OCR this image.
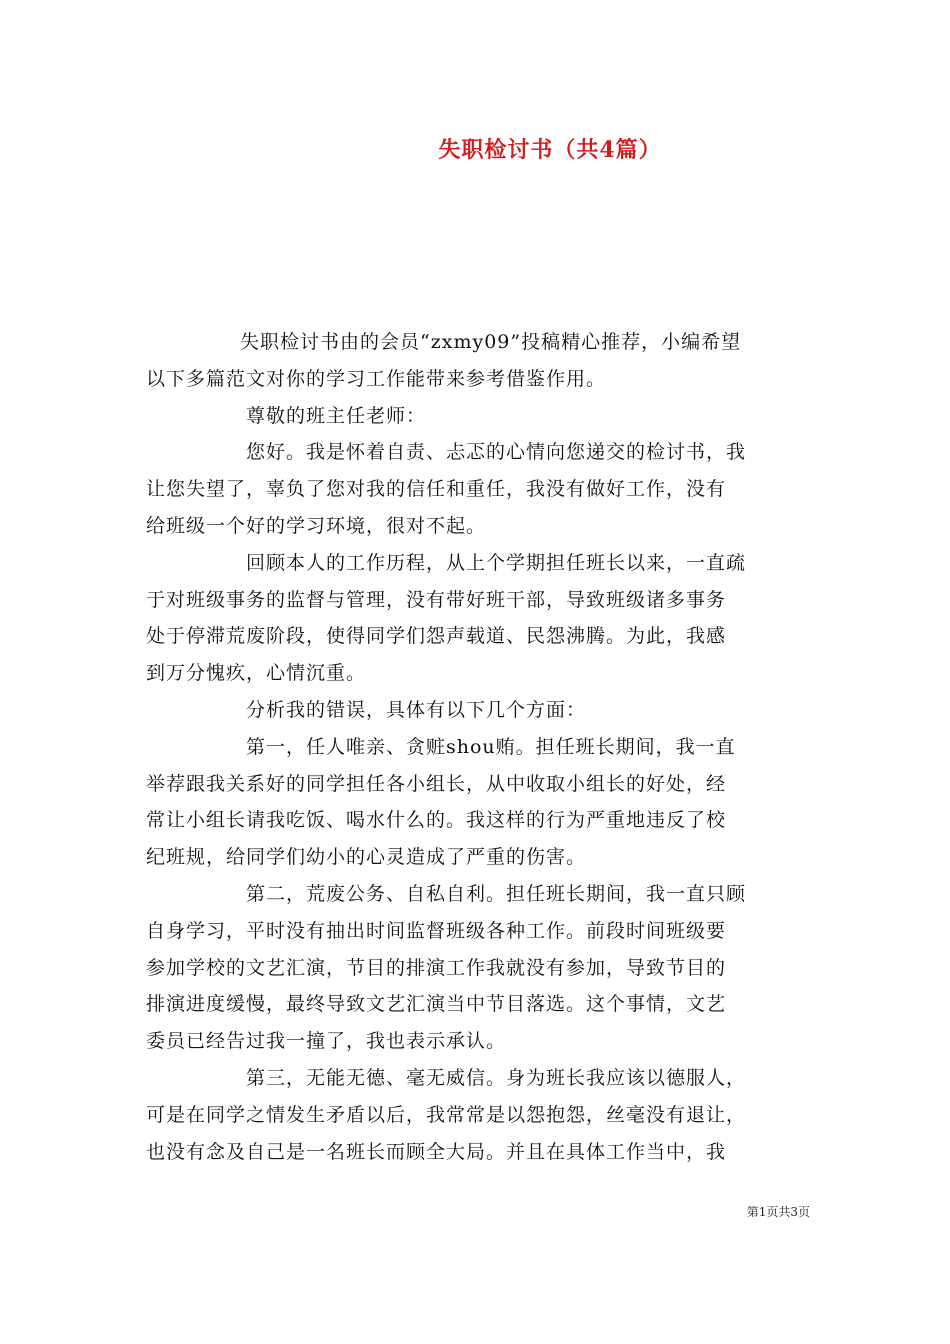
失职检讨书（共4篇）
失职检讨书由的会员“zxmy09”投稿精心推荐，小编希望
以下多篇范文对你的学习工作能带来参考借鉴作用。
尊敬的班主任老师：
您好。我是怀着自责、忐忑的心情向您递交的检讨书，我
让您失望了，辜负了您对我的信任和重任，我没有做好工作，没有
给班级一个好的学习环境，很对不起。
回顾本人的工作历程，从上个学期担任班长以来，一直疏
于对班级事务的监督与管理，没有带好班干部，导致班级诸多事务
处于停滞荒废阶段，使得同学们怨声载道、民怨沸腾。为此，我感
到万分愧疚，心情沉重。
分析我的错误，具体有以下几个方面：
第一，任人唯亲、贪赃shou贿。担任班长期间，我一直
举荐跟我关系好的同学担任各小组长，从中收取小组长的好处，经
常让小组长请我吃饭、喝水什么的。我这样的行为严重地违反了校
纪班规，给同学们幼小的心灵造成了严重的伤害。
第二，荒废公务、自私自利。担任班长期间，我一直只顾
自身学习，平时没有抽出时间监督班级各种工作。前段时间班级要
参加学校的文艺汇演，节目的排演工作我就没有参加，导致节目的
排演进度缓慢，最终导致文艺汇演当中节目落选。这个事情，文艺
委员已经告过我一撞了，我也表示承认。
第三，无能无德、毫无威信。身为班长我应该以德服人，
可是在同学之情发生矛盾以后，我常常是以怨抱怨，丝毫没有退让，
也没有念及自己是一名班长而顾全大局。并且在具体工作当中，我
第1页共3页
